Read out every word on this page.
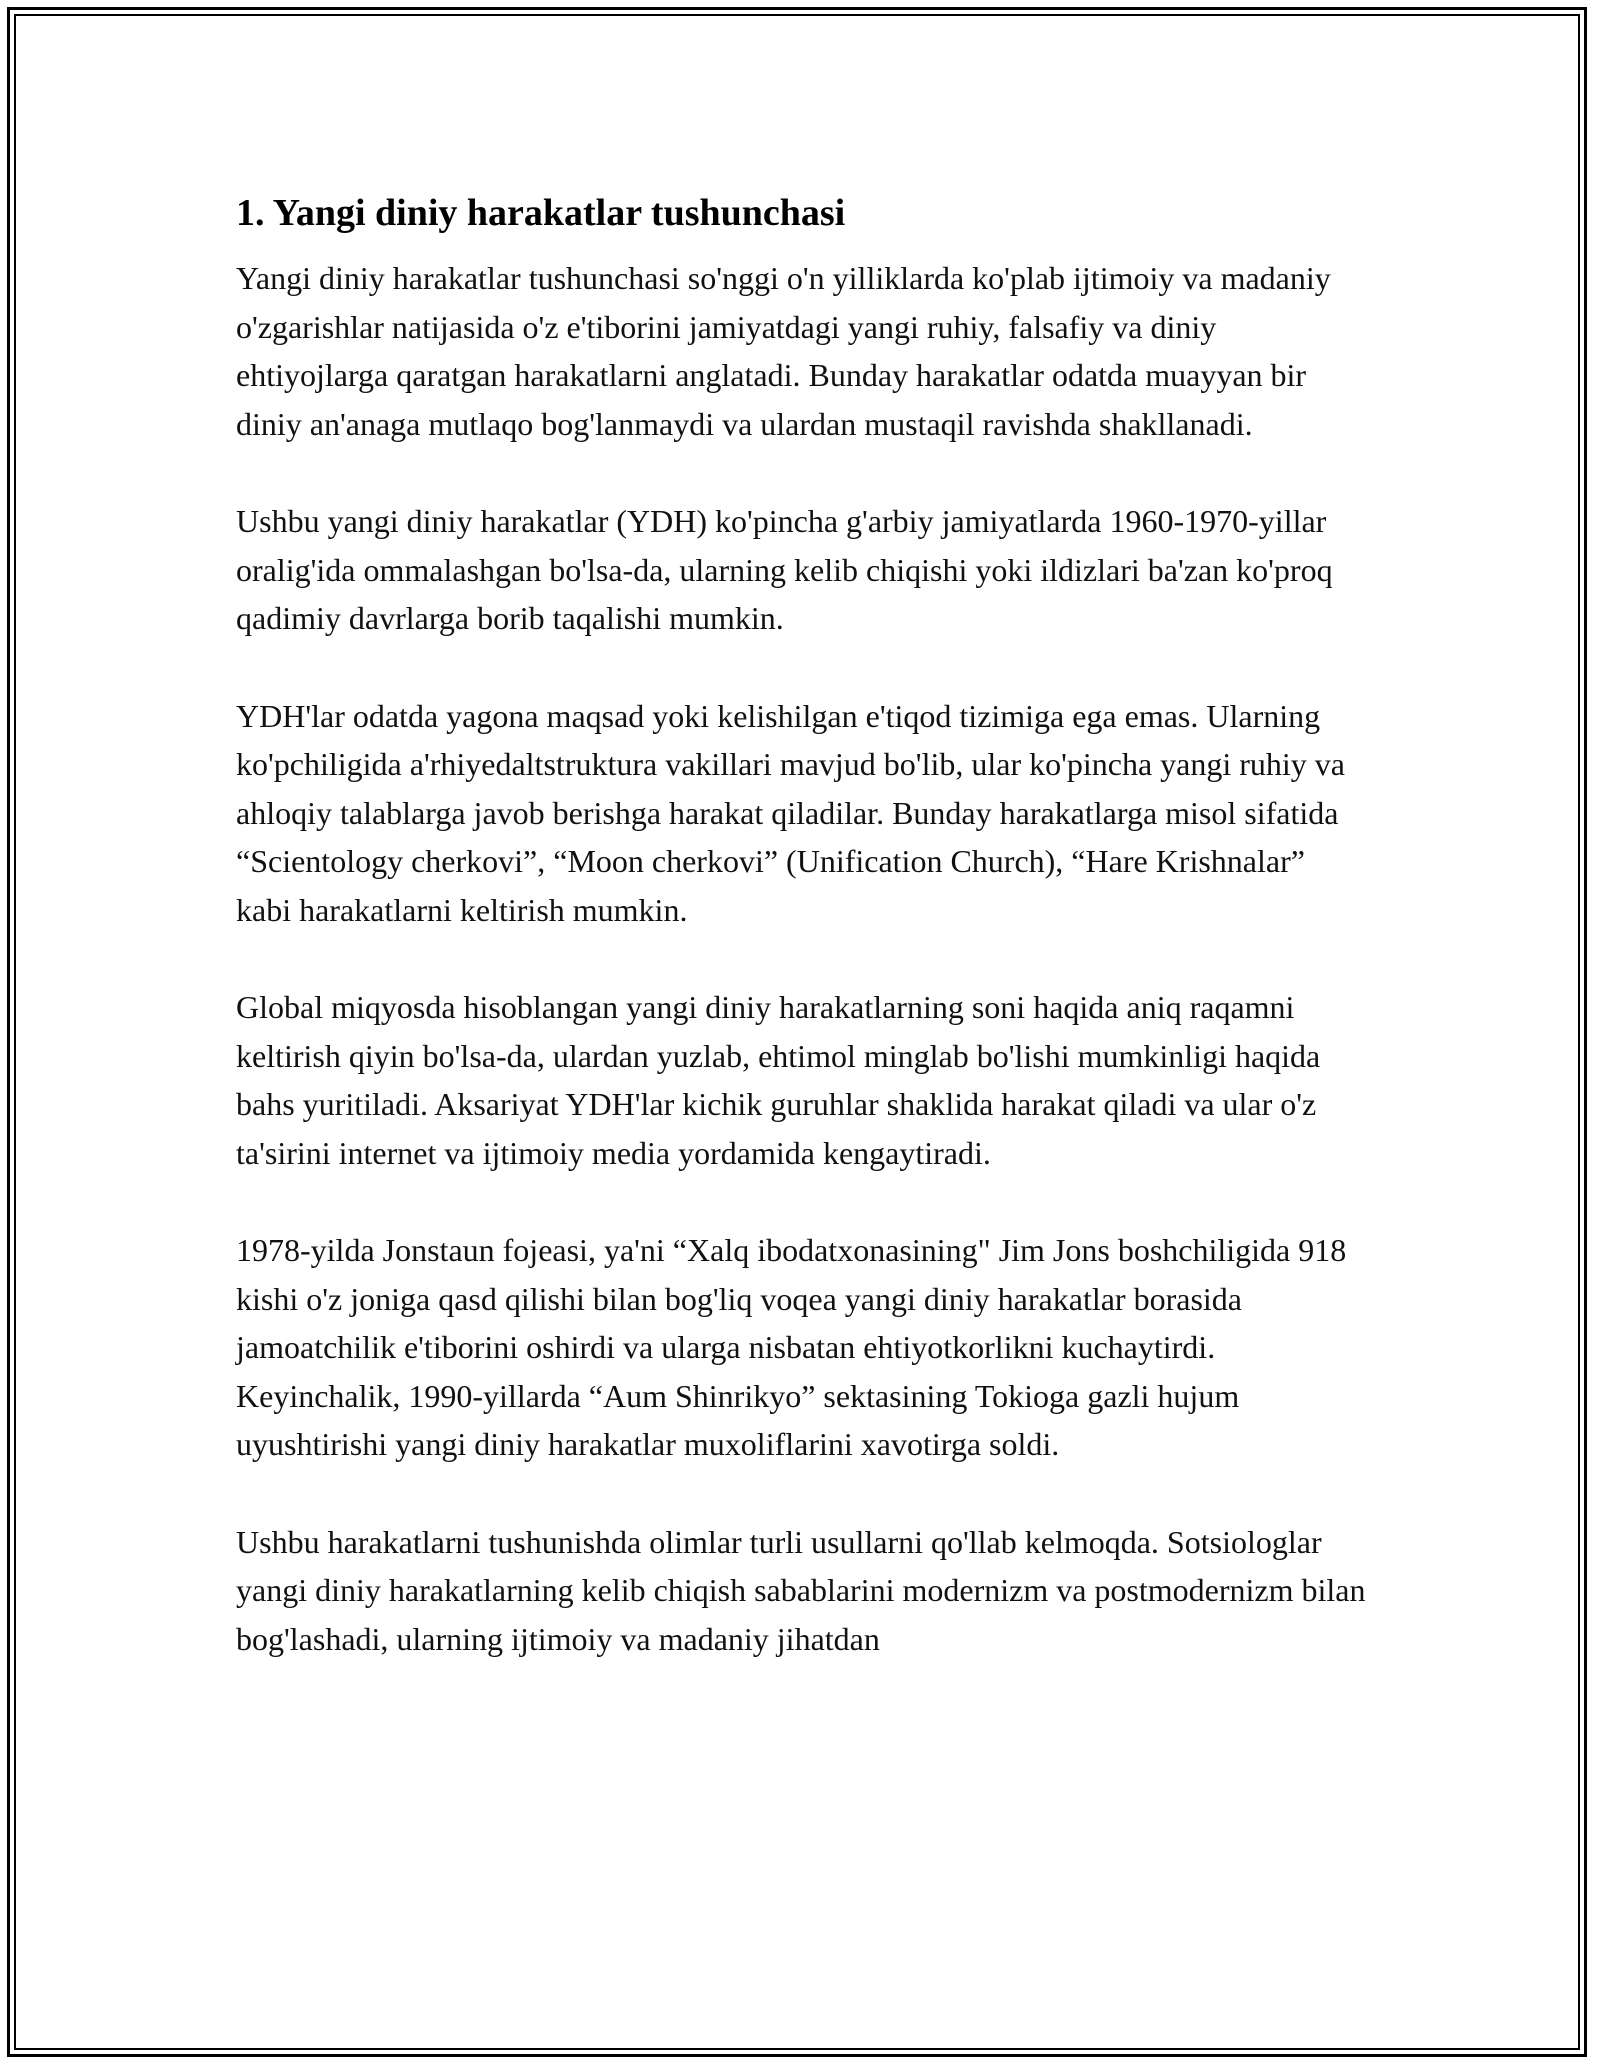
1. Yangi diniy harakatlar tushunchasi

Yangi diniy harakatlar tushunchasi so'nggi o'n yilliklarda ko'plab ijtimoiy va madaniy o'zgarishlar natijasida o'z e'tiborini jamiyatdagi yangi ruhiy, falsafiy va diniy ehtiyojlarga qaratgan harakatlarni anglatadi. Bunday harakatlar odatda muayyan bir diniy an'anaga mutlaqo bog'lanmaydi va ulardan mustaqil ravishda shakllanadi.

Ushbu yangi diniy harakatlar (YDH) ko'pincha g'arbiy jamiyatlarda 1960-1970-yillar oralig'ida ommalashgan bo'lsa-da, ularning kelib chiqishi yoki ildizlari ba'zan ko'proq qadimiy davrlarga borib taqalishi mumkin.

YDH'lar odatda yagona maqsad yoki kelishilgan e'tiqod tizimiga ega emas. Ularning ko'pchiligida a'rhiyedaltstruktura vakillari mavjud bo'lib, ular ko'pincha yangi ruhiy va ahloqiy talablarga javob berishga harakat qiladilar. Bunday harakatlarga misol sifatida “Scientology cherkovi”, “Moon cherkovi” (Unification Church), “Hare Krishnalar” kabi harakatlarni keltirish mumkin.

Global miqyosda hisoblangan yangi diniy harakatlarning soni haqida aniq raqamni keltirish qiyin bo'lsa-da, ulardan yuzlab, ehtimol minglab bo'lishi mumkinligi haqida bahs yuritiladi. Aksariyat YDH'lar kichik guruhlar shaklida harakat qiladi va ular o'z ta'sirini internet va ijtimoiy media yordamida kengaytiradi.

1978-yilda Jonstaun fojeasi, ya'ni “Xalq ibodatxonasining" Jim Jons boshchiligida 918 kishi o'z joniga qasd qilishi bilan bog'liq voqea yangi diniy harakatlar borasida jamoatchilik e'tiborini oshirdi va ularga nisbatan ehtiyotkorlikni kuchaytirdi. Keyinchalik, 1990-yillarda “Aum Shinrikyo” sektasining Tokioga gazli hujum uyushtirishi yangi diniy harakatlar muxoliflarini xavotirga soldi.

Ushbu harakatlarni tushunishda olimlar turli usullarni qo'llab kelmoqda. Sotsiologlar yangi diniy harakatlarning kelib chiqish sabablarini modernizm va postmodernizm bilan bog'lashadi, ularning ijtimoiy va madaniy jihatdan
